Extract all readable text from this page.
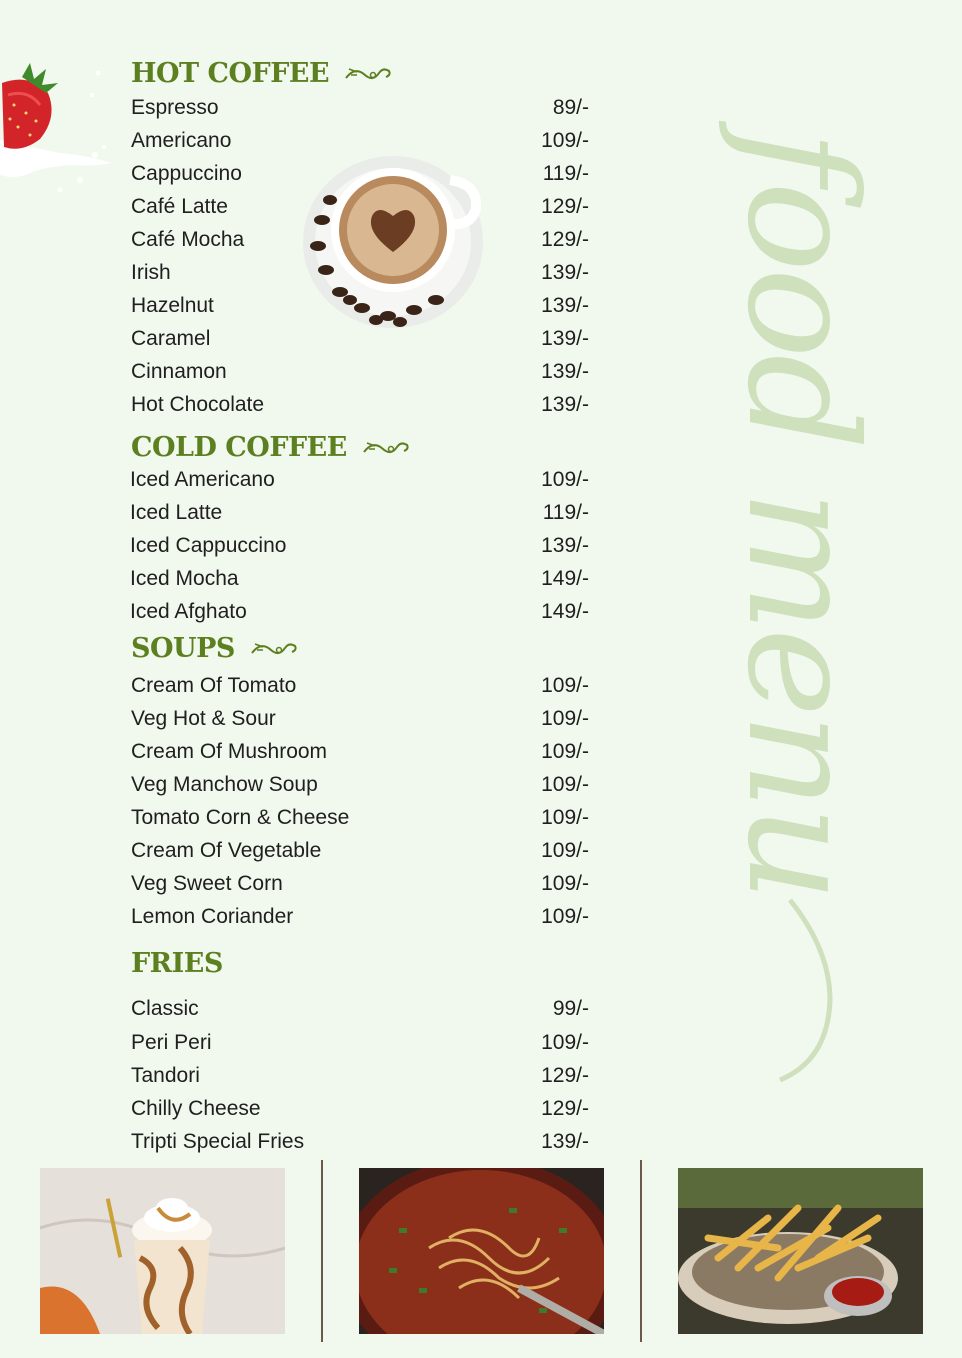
HOT COFFEE
Espresso	89/-
Americano	109/-
Cappuccino	119/-
Café Latte	129/-
Café Mocha	129/-
Irish	139/-
Hazelnut	139/-
Caramel	139/-
Cinnamon	139/-
Hot Chocolate	139/-
COLD COFFEE
Iced Americano	109/-
Iced Latte	119/-
Iced Cappuccino	139/-
Iced Mocha	149/-
Iced Afghato	149/-
SOUPS
Cream Of Tomato	109/-
Veg Hot & Sour	109/-
Cream Of Mushroom	109/-
Veg Manchow Soup	109/-
Tomato Corn & Cheese	109/-
Cream Of Vegetable	109/-
Veg Sweet Corn	109/-
Lemon Coriander	109/-
FRIES
Classic	99/-
Peri Peri	109/-
Tandori	129/-
Chilly Cheese	129/-
Tripti Special Fries	139/-
food menu
